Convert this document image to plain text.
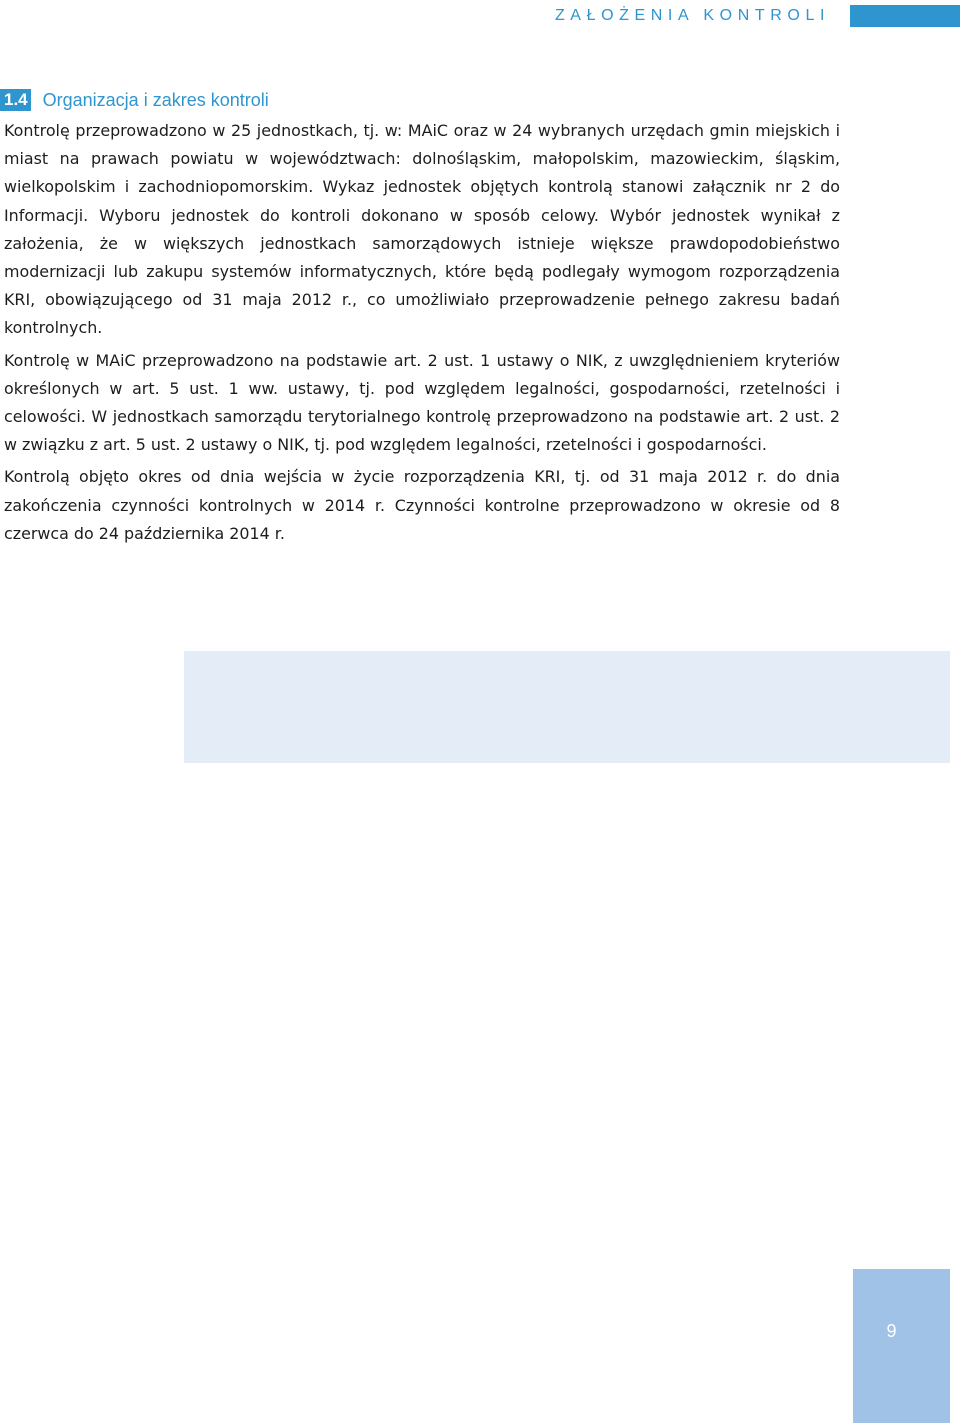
ZAŁOŻENIA KONTROLI
1.4 Organizacja i zakres kontroli

Kontrolę przeprowadzono w 25 jednostkach, tj. w: MAiC oraz w 24 wybranych urzędach gmin miejskich i miast na prawach powiatu w województwach: dolnośląskim, małopolskim, mazowieckim, śląskim, wielkopolskim i zachodniopomorskim. Wykaz jednostek objętych kontrolą stanowi załącznik nr 2 do Informacji. Wyboru jednostek do kontroli dokonano w sposób celowy. Wybór jednostek wynikał z założenia, że w większych jednostkach samorządowych istnieje większe prawdopodobieństwo modernizacji lub zakupu systemów informatycznych, które będą podlegały wymogom rozporządzenia KRI, obowiązującego od 31 maja 2012 r., co umożliwiało przeprowadzenie pełnego zakresu badań kontrolnych.

Kontrolę w MAiC przeprowadzono na podstawie art. 2 ust. 1 ustawy o NIK, z uwzględnieniem kryteriów określonych w art. 5 ust. 1 ww. ustawy, tj. pod względem legalności, gospodarności, rzetelności i celowości. W jednostkach samorządu terytorialnego kontrolę przeprowadzono na podstawie art. 2 ust. 2 w związku z art. 5 ust. 2 ustawy o NIK, tj. pod względem legalności, rzetelności i gospodarności.

Kontrolą objęto okres od dnia wejścia w życie rozporządzenia KRI, tj. od 31 maja 2012 r. do dnia zakończenia czynności kontrolnych w 2014 r. Czynności kontrolne przeprowadzono w okresie od 8 czerwca do 24 października 2014 r.

9
